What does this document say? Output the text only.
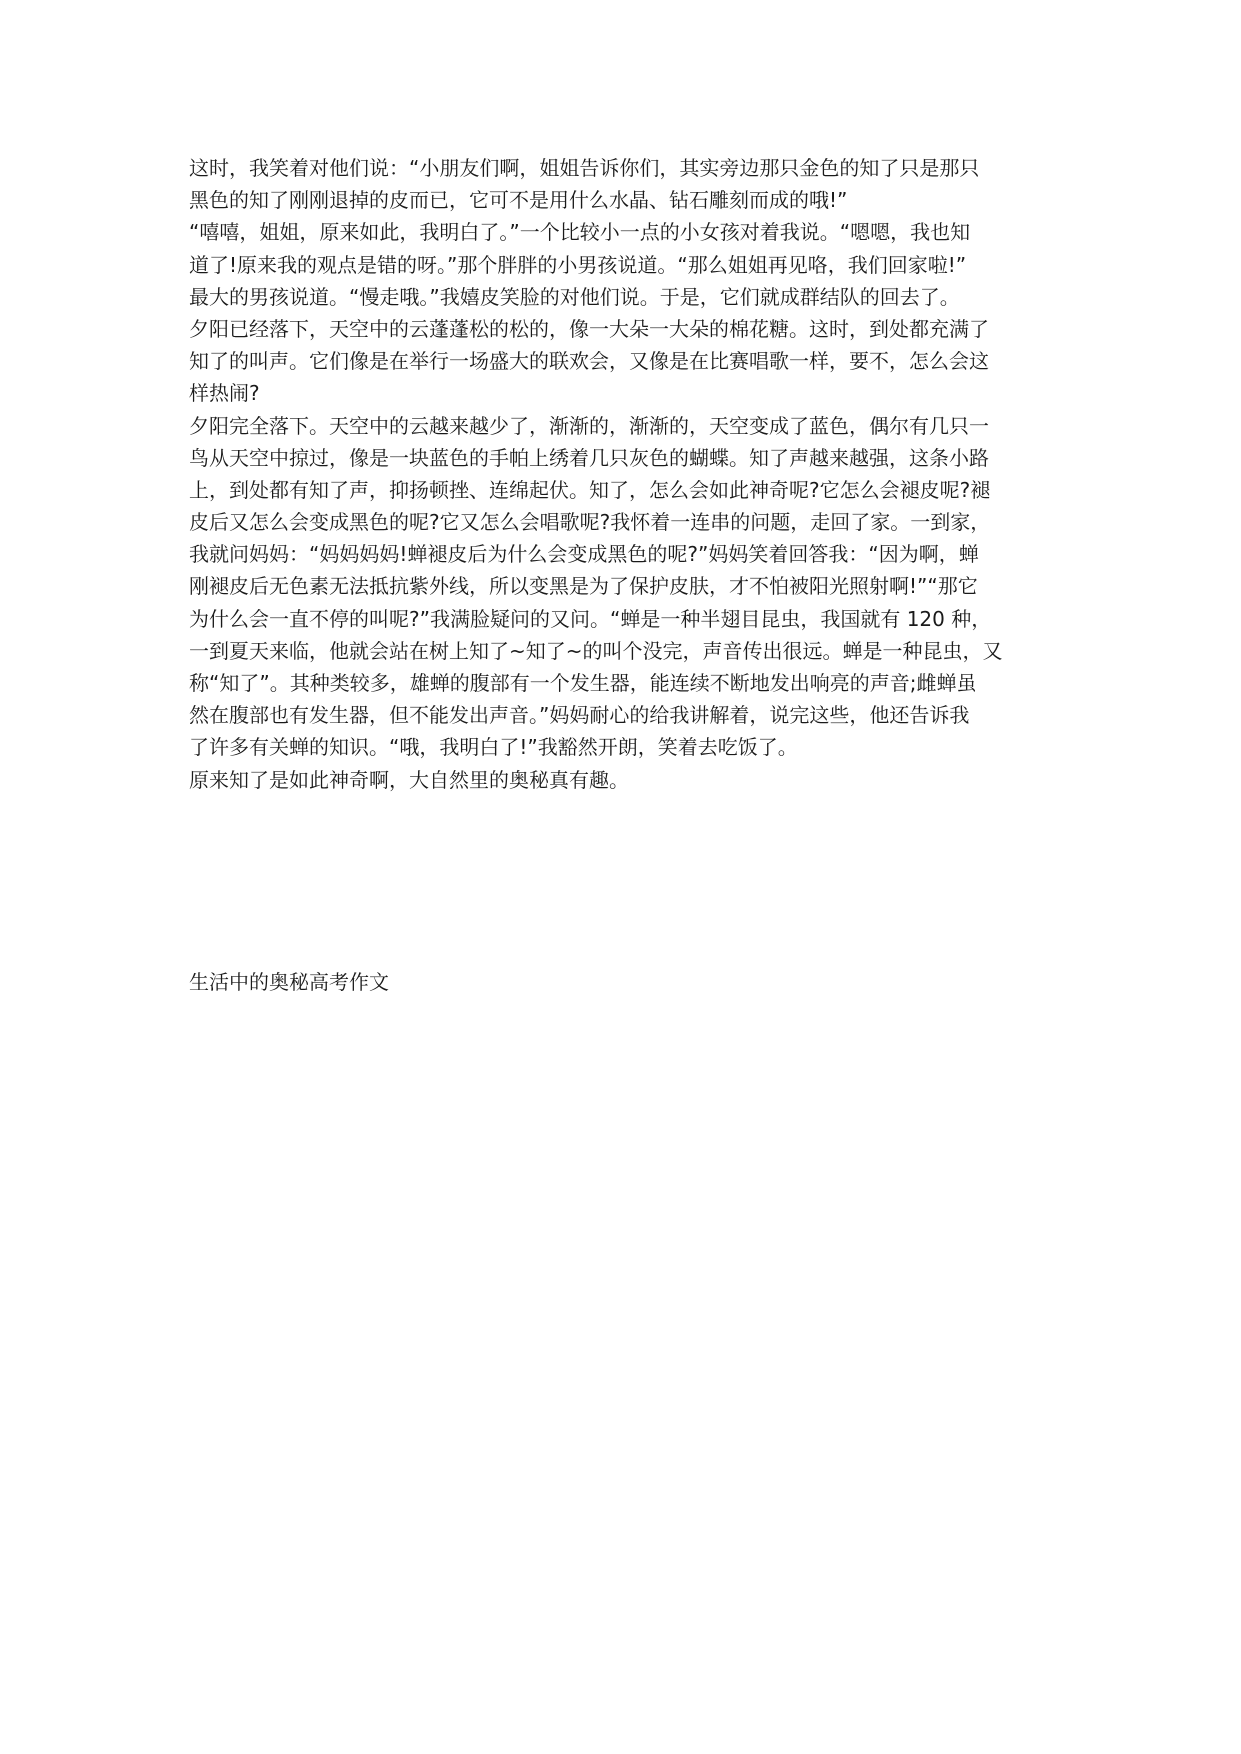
这时，我笑着对他们说：“小朋友们啊，姐姐告诉你们，其实旁边那只金色的知了只是那只
黑色的知了刚刚退掉的皮而已，它可不是用什么水晶、钻石雕刻而成的哦!”
“嘻嘻，姐姐，原来如此，我明白了。”一个比较小一点的小女孩对着我说。“嗯嗯，我也知
道了!原来我的观点是错的呀。”那个胖胖的小男孩说道。“那么姐姐再见咯，我们回家啦!”
最大的男孩说道。“慢走哦。”我嬉皮笑脸的对他们说。于是，它们就成群结队的回去了。
夕阳已经落下，天空中的云蓬蓬松的松的，像一大朵一大朵的棉花糖。这时，到处都充满了
知了的叫声。它们像是在举行一场盛大的联欢会，又像是在比赛唱歌一样，要不，怎么会这
样热闹?
夕阳完全落下。天空中的云越来越少了，渐渐的，渐渐的，天空变成了蓝色，偶尔有几只一
鸟从天空中掠过，像是一块蓝色的手帕上绣着几只灰色的蝴蝶。知了声越来越强，这条小路
上，到处都有知了声，抑扬顿挫、连绵起伏。知了，怎么会如此神奇呢?它怎么会褪皮呢?褪
皮后又怎么会变成黑色的呢?它又怎么会唱歌呢?我怀着一连串的问题，走回了家。一到家，
我就问妈妈：“妈妈妈妈!蝉褪皮后为什么会变成黑色的呢?”妈妈笑着回答我：“因为啊，蝉
刚褪皮后无色素无法抵抗紫外线，所以变黑是为了保护皮肤，才不怕被阳光照射啊!”“那它
为什么会一直不停的叫呢?”我满脸疑问的又问。“蝉是一种半翅目昆虫，我国就有 120 种，
一到夏天来临，他就会站在树上知了~知了~的叫个没完，声音传出很远。蝉是一种昆虫，又
称“知了”。其种类较多，雄蝉的腹部有一个发生器，能连续不断地发出响亮的声音;雌蝉虽
然在腹部也有发生器，但不能发出声音。”妈妈耐心的给我讲解着，说完这些，他还告诉我
了许多有关蝉的知识。“哦，我明白了!”我豁然开朗，笑着去吃饭了。
原来知了是如此神奇啊，大自然里的奥秘真有趣。
生活中的奥秘高考作文
